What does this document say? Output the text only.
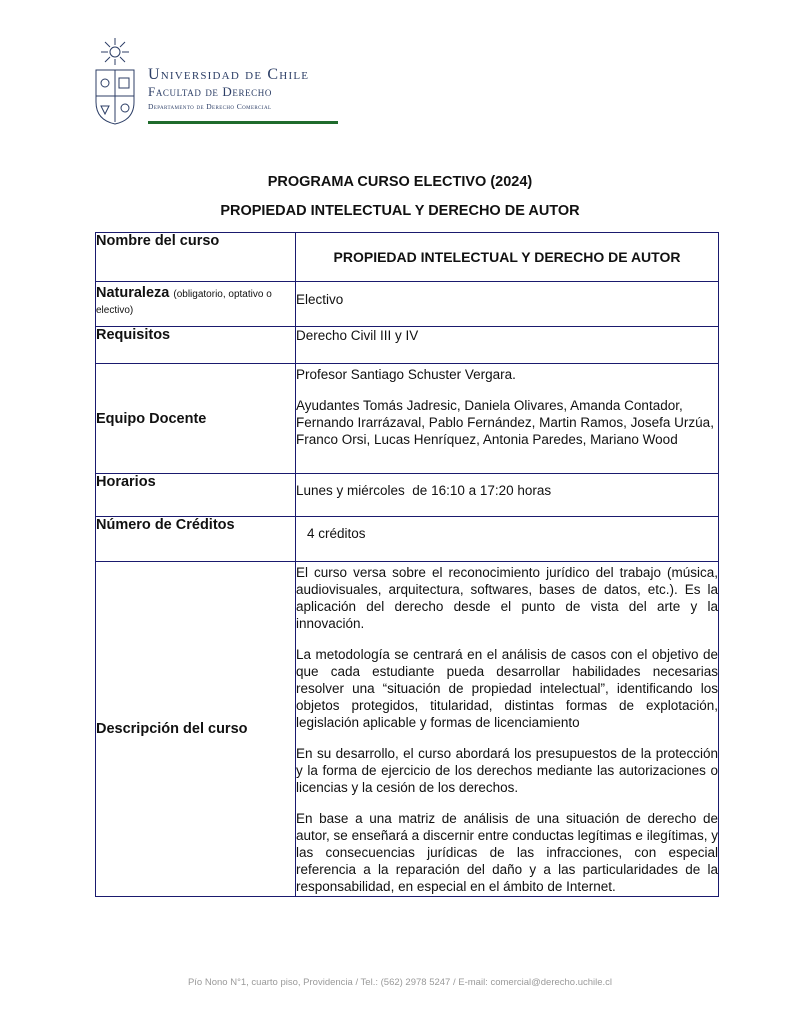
Universidad de Chile
Facultad de Derecho
Departamento de Derecho Comercial
PROGRAMA CURSO ELECTIVO (2024)
PROPIEDAD INTELECTUAL Y DERECHO DE AUTOR
Nombre del curso	PROPIEDAD INTELECTUAL Y DERECHO DE AUTOR
Naturaleza (obligatorio, optativo o electivo)	Electivo
Requisitos	Derecho Civil III y IV
Equipo Docente	Profesor Santiago Schuster Vergara.
Ayudantes Tomás Jadresic, Daniela Olivares, Amanda Contador, Fernando Irarrázaval, Pablo Fernández, Martin Ramos, Josefa Urzúa, Franco Orsi, Lucas Henríquez, Antonia Paredes, Mariano Wood

Horarios	Lunes y miércoles  de 16:10 a 17:20 horas
Número de Créditos	4 créditos
Descripción del curso	El curso versa sobre el reconocimiento jurídico del trabajo (música, audiovisuales, arquitectura, softwares, bases de datos, etc.). Es la aplicación del derecho desde el punto de vista del arte y la innovación.
La metodología se centrará en el análisis de casos con el objetivo de que cada estudiante pueda desarrollar habilidades necesarias resolver una “situación de propiedad intelectual”, identificando los objetos protegidos, titularidad, distintas formas de explotación, legislación aplicable y formas de licenciamiento
En su desarrollo, el curso abordará los presupuestos de la protección y la forma de ejercicio de los derechos mediante las autorizaciones o licencias y la cesión de los derechos.
En base a una matriz de análisis de una situación de derecho de autor, se enseñará a discernir entre conductas legítimas e ilegítimas, y las consecuencias jurídicas de las infracciones, con especial referencia a la reparación del daño y a las particularidades de la responsabilidad, en especial en el ámbito de Internet.
Pío Nono N°1, cuarto piso, Providencia / Tel.: (562) 2978 5247 / E-mail: comercial@derecho.uchile.cl
